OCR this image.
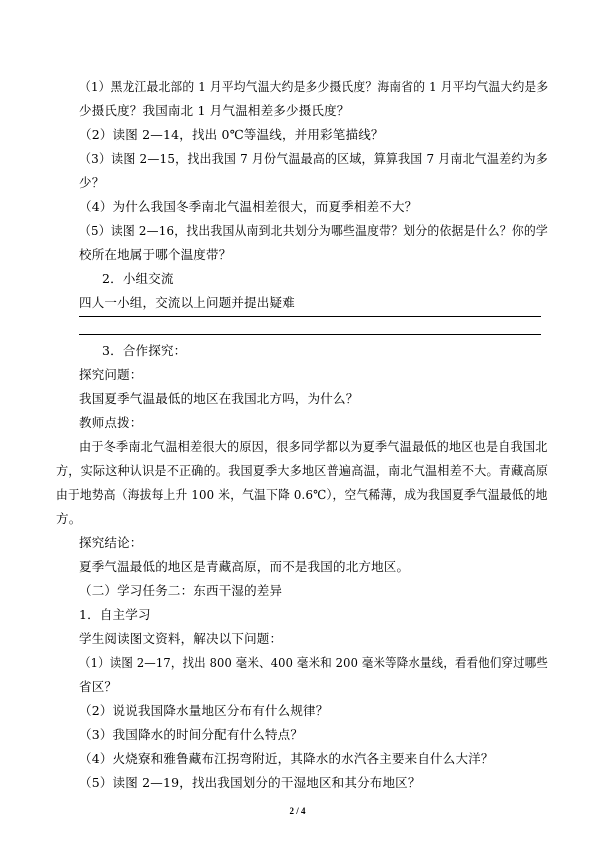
（1）黑龙江最北部的 1 月平均气温大约是多少摄氏度？海南省的 1 月平均气温大约是多
少摄氏度？我国南北 1 月气温相差多少摄氏度？
（2）读图 2—14，找出 0℃等温线，并用彩笔描线？
（3）读图 2—15，找出我国 7 月份气温最高的区域，算算我国 7 月南北气温差约为多
少？
（4）为什么我国冬季南北气温相差很大，而夏季相差不大？
（5）读图 2—16，找出我国从南到北共划分为哪些温度带？划分的依据是什么？你的学
校所在地属于哪个温度带？
2．小组交流
四人一小组，交流以上问题并提出疑难
3．合作探究：
探究问题：
我国夏季气温最低的地区在我国北方吗，为什么？
教师点拨：
由于冬季南北气温相差很大的原因，很多同学都以为夏季气温最低的地区也是自我国北
方，实际这种认识是不正确的。我国夏季大多地区普遍高温，南北气温相差不大。青藏高原
由于地势高（海拔每上升 100 米，气温下降 0.6℃），空气稀薄，成为我国夏季气温最低的地
方。
探究结论：
夏季气温最低的地区是青藏高原，而不是我国的北方地区。
（二）学习任务二：东西干湿的差异
1．自主学习
学生阅读图文资料，解决以下问题：
（1）读图 2—17，找出 800 毫米、400 毫米和 200 毫米等降水量线，看看他们穿过哪些
省区？
（2）说说我国降水量地区分布有什么规律？
（3）我国降水的时间分配有什么特点？
（4）火烧寮和雅鲁藏布江拐弯附近，其降水的水汽各主要来自什么大洋？
（5）读图 2—19，找出我国划分的干湿地区和其分布地区？
2 / 4
